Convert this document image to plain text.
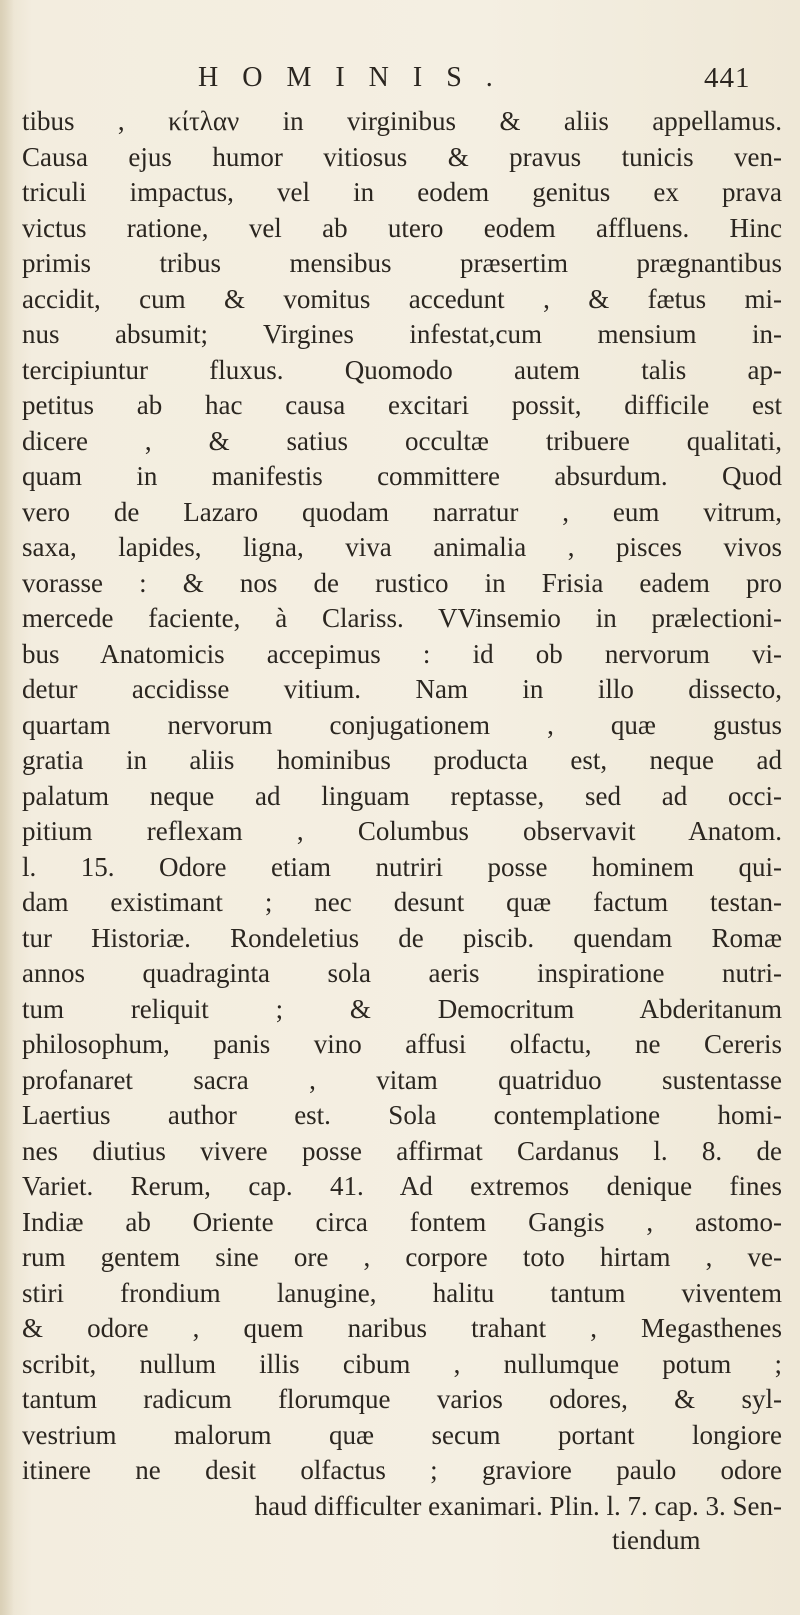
HOMINIS.	441
tibus , κίτλαν in virginibus & aliis appellamus.
Causa ejus humor vitiosus & pravus tunicis ven-
triculi impactus, vel in eodem genitus ex prava
victus ratione, vel ab utero eodem affluens. Hinc
primis tribus mensibus præsertim prægnantibus
accidit, cum & vomitus accedunt , & fætus mi-
nus absumit; Virgines infestat,cum mensium in-
tercipiuntur fluxus. Quomodo autem talis ap-
petitus ab hac causa excitari possit, difficile est
dicere , & satius occultæ tribuere qualitati,
quam in manifestis committere absurdum. Quod
vero de Lazaro quodam narratur , eum vitrum,
saxa, lapides, ligna, viva animalia , pisces vivos
vorasse : & nos de rustico in Frisia eadem pro
mercede faciente, à Clariss. VVinsemio in prælectioni-
bus Anatomicis accepimus : id ob nervorum vi-
detur accidisse vitium. Nam in illo dissecto,
quartam nervorum conjugationem , quæ gustus
gratia in aliis hominibus producta est, neque ad
palatum neque ad linguam reptasse, sed ad occi-
pitium reflexam , Columbus observavit Anatom.
l. 15. Odore etiam nutriri posse hominem qui-
dam existimant ; nec desunt quæ factum testan-
tur Historiæ. Rondeletius de piscib. quendam Romæ
annos quadraginta sola aeris inspiratione nutri-
tum reliquit ; & Democritum Abderitanum
philosophum, panis vino affusi olfactu, ne Cereris
profanaret sacra , vitam quatriduo sustentasse
Laertius author est. Sola contemplatione homi-
nes diutius vivere posse affirmat Cardanus l. 8. de
Variet. Rerum, cap. 41. Ad extremos denique fines
Indiæ ab Oriente circa fontem Gangis , astomo-
rum gentem sine ore , corpore toto hirtam , ve-
stiri frondium lanugine, halitu tantum viventem
& odore , quem naribus trahant , Megasthenes
scribit, nullum illis cibum , nullumque potum ;
tantum radicum florumque varios odores, & syl-
vestrium malorum quæ secum portant longiore
itinere ne desit olfactus ; graviore paulo odore
haud difficulter exanimari. Plin. l. 7. cap. 3. Sen-
tiendum
